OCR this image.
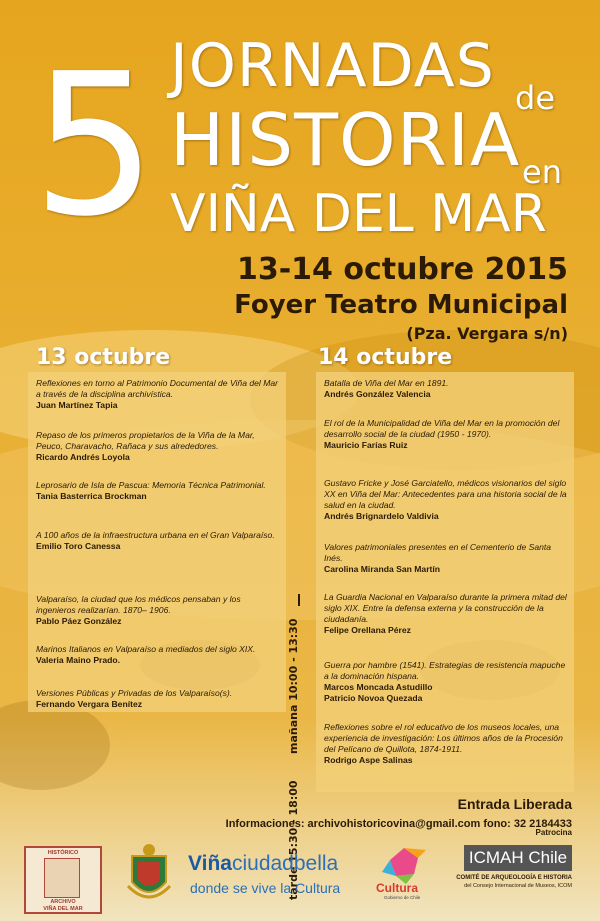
5 JORNADAS de
HISTORIA en
VIÑA DEL MAR
13-14 octubre 2015
Foyer Teatro Municipal
(Pza. Vergara s/n)
13 octubre	14 octubre
Reflexiones en torno al Patrimonio Documental de Viña del Mar a través de la disciplina archivística.
Juan Martínez Tapia
Repaso de los primeros propietarios de la Viña de la Mar, Peuco, Charavacho, Rañaca y sus alrededores.
Ricardo Andrés Loyola
Leprosario de Isla de Pascua: Memoria Técnica Patrimonial.
Tania Basterrica Brockman
A 100 años de la infraestructura urbana en el Gran Valparaíso.
Emilio Toro Canessa
Valparaíso, la ciudad que los médicos pensaban y los ingenieros realizarían. 1870– 1906.
Pablo Páez González
Marinos Italianos en Valparaíso a mediados del siglo XIX.
Valeria Maino Prado.
Versiones Públicas y Privadas de los Valparaíso(s).
Fernando Vergara Benítez	mañana 10:00 - 13:30
tarde 15:30 - 18:00
Batalla de Viña del Mar en 1891.
Andrés González Valencia
El rol de la Municipalidad de Viña del Mar en la promoción del desarrollo social de la ciudad (1950 - 1970).
Mauricio Farías Ruiz
Gustavo Fricke y José Garciatello, médicos visionarios del siglo XX en Viña del Mar: Antecedentes para una historia social de la salud en la ciudad.
Andrés Brignardelo Valdivia
Valores patrimoniales presentes en el Cementerio de Santa Inés.
Carolina Miranda San Martín
La Guardia Nacional en Valparaíso durante la primera mitad del siglo XIX. Entre la defensa externa y la construcción de la ciudadanía.
Felipe Orellana Pérez
Guerra por hambre (1541). Estrategias de resistencia mapuche a la dominación hispana.
Marcos Moncada Astudillo
Patricio Novoa Quezada
Reflexiones sobre el rol educativo de los museos locales, una experiencia de investigación: Los últimos años de la Procesión del Pelícano de Quillota, 1874-1911.
Rodrigo Aspe Salinas
Entrada Liberada
Informaciones: archivohistoricovina@gmail.com fono: 32 2184433
HISTÓRICO
ARCHIVO
VIÑA DEL MAR
Viñaciudadbella
donde se vive la Cultura	Cultura
Gobierno de Chile
Patrocina
ICMAH Chile
COMITÉ DE ARQUEOLOGÍA E HISTORIA
del Consejo Internacional de Museos, ICOM
